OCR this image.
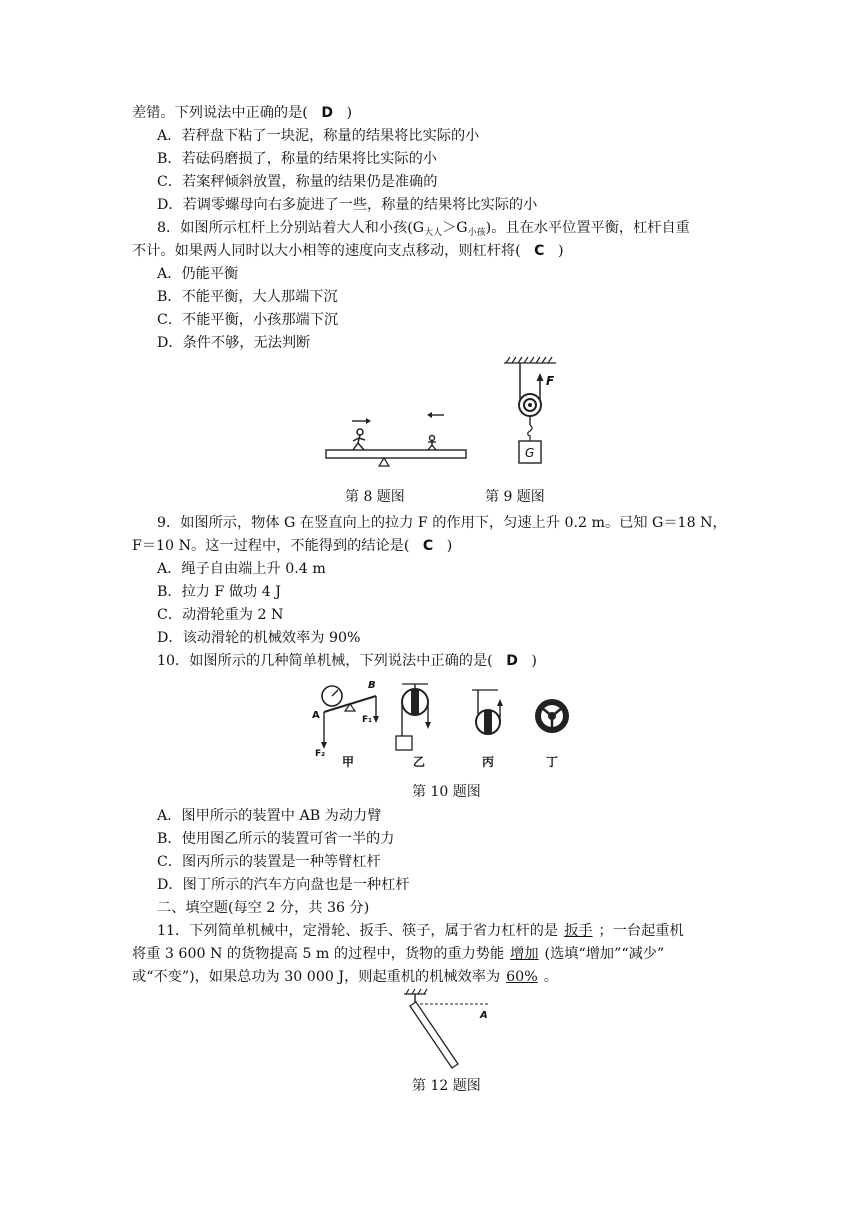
差错。下列说法中正确的是( D )
A．若秤盘下粘了一块泥，称量的结果将比实际的小
B．若砝码磨损了，称量的结果将比实际的小
C．若案秤倾斜放置，称量的结果仍是准确的
D．若调零螺母向右多旋进了一些，称量的结果将比实际的小
8．如图所示杠杆上分别站着大人和小孩$(G_{大人}>G_{小孩})$。且在水平位置平衡，杠杆自重
不计。如果两人同时以大小相等的速度向支点移动，则杠杆将( C )
A．仍能平衡
B．不能平衡，大人那端下沉
C．不能平衡，小孩那端下沉
D．条件不够，无法判断
F
G
第 8 题图	第 9 题图
9．如图所示，物体 G 在竖直向上的拉力 F 的作用下，匀速上升 0.2 m。已知 G＝18 N，
F＝10 N。这一过程中，不能得到的结论是( C )
A．绳子自由端上升 0.4 m
B．拉力 F 做功 4 J
C．动滑轮重为 2 N
D．该动滑轮的机械效率为 90%
10．如图所示的几种简单机械，下列说法中正确的是( D )
A
B
F₁
F₂
甲	乙	丙	丁
第 10 题图
A．图甲所示的装置中 AB 为动力臂
B．使用图乙所示的装置可省一半的力
C．图丙所示的装置是一种等臂杠杆
D．图丁所示的汽车方向盘也是一种杠杆
二、填空题(每空 2 分，共 36 分)
11．下列简单机械中，定滑轮、扳手、筷子，属于省力杠杆的是 扳手 ；一台起重机
将重 3 600 N 的货物提高 5 m 的过程中，货物的重力势能 增加 (选填“增加”“减少”
或“不变”)，如果总功为 30 000 J，则起重机的机械效率为 60% 。
A
第 12 题图
